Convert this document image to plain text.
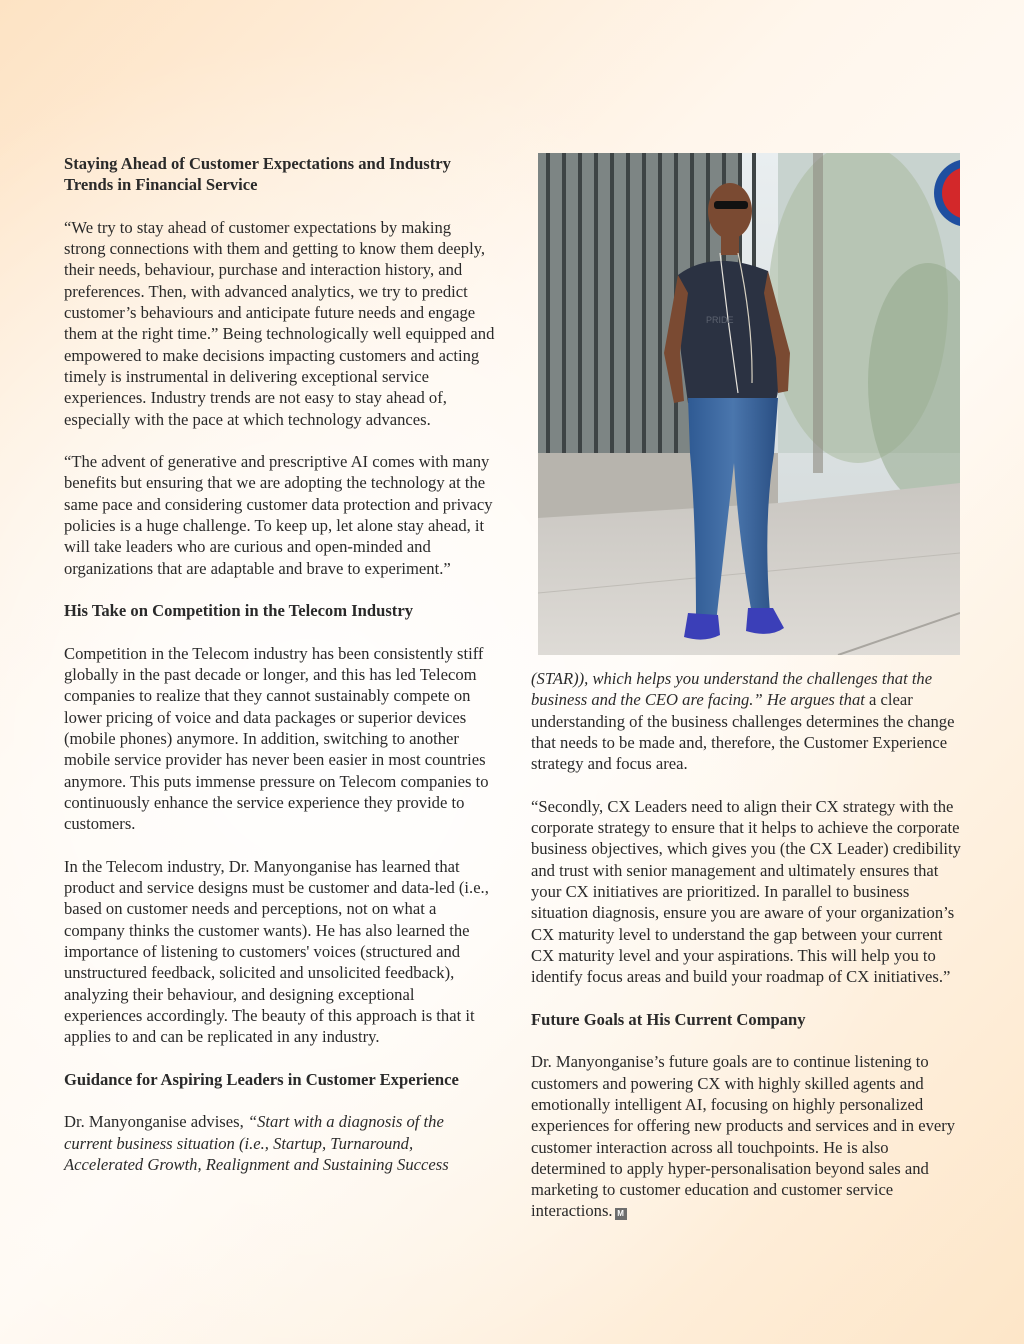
Staying Ahead of Customer Expectations and Industry Trends in Financial Service

“We try to stay ahead of customer expectations by making strong connections with them and getting to know them deeply, their needs, behaviour, purchase and interaction history, and preferences. Then, with advanced analytics, we try to predict customer’s behaviours and anticipate future needs and engage them at the right time.” Being technologically well equipped and empowered to make decisions impacting customers and acting timely is instrumental in delivering exceptional service experiences. Industry trends are not easy to stay ahead of, especially with the pace at which technology advances.

“The advent of generative and prescriptive AI comes with many benefits but ensuring that we are adopting the technology at the same pace and considering customer data protection and privacy policies is a huge challenge. To keep up, let alone stay ahead, it will take leaders who are curious and open-minded and organizations that are adaptable and brave to experiment.”

His Take on Competition in the Telecom Industry

Competition in the Telecom industry has been consistently stiff globally in the past decade or longer, and this has led Telecom companies to realize that they cannot sustainably compete on lower pricing of voice and data packages or superior devices (mobile phones) anymore. In addition, switching to another mobile service provider has never been easier in most countries anymore. This puts immense pressure on Telecom companies to continuously enhance the service experience they provide to customers.

In the Telecom industry, Dr. Manyonganise has learned that product and service designs must be customer and data-led (i.e., based on customer needs and perceptions, not on what a company thinks the customer wants). He has also learned the importance of listening to customers' voices (structured and unstructured feedback, solicited and unsolicited feedback), analyzing their behaviour, and designing exceptional experiences accordingly. The beauty of this approach is that it applies to and can be replicated in any industry.

Guidance for Aspiring Leaders in Customer Experience

Dr. Manyonganise advises, “Start with a diagnosis of the current business situation (i.e., Startup, Turnaround, Accelerated Growth, Realignment and Sustaining Success

PRIDE

(STAR)), which helps you understand the challenges that the business and the CEO are facing.” He argues that a clear understanding of the business challenges determines the change that needs to be made and, therefore, the Customer Experience strategy and focus area.

“Secondly, CX Leaders need to align their CX strategy with the corporate strategy to ensure that it helps to achieve the corporate business objectives, which gives you (the CX Leader) credibility and trust with senior management and ultimately ensures that your CX initiatives are prioritized. In parallel to business situation diagnosis, ensure you are aware of your organization’s CX maturity level to understand the gap between your current CX maturity level and your aspirations. This will help you to identify focus areas and build your roadmap of CX initiatives.”

Future Goals at His Current Company

Dr. Manyonganise’s future goals are to continue listening to customers and powering CX with highly skilled agents and emotionally intelligent AI, focusing on highly personalized experiences for offering new products and services and in every customer interaction across all touchpoints. He is also determined to apply hyper-personalisation beyond sales and marketing to customer education and customer service interactions. M
